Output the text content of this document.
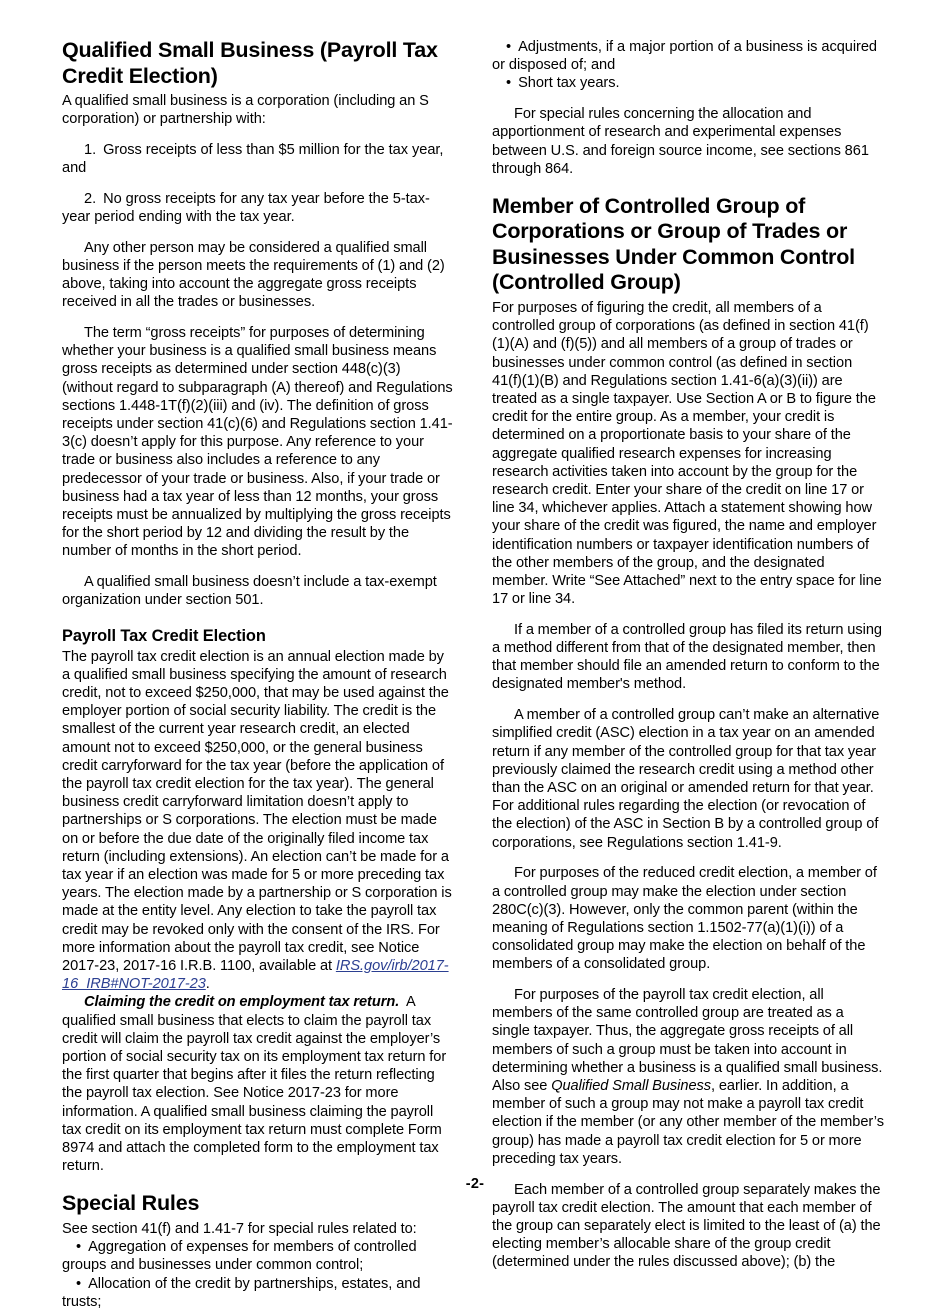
Qualified Small Business (Payroll Tax Credit Election)

A qualified small business is a corporation (including an S corporation) or partnership with:

1. Gross receipts of less than $5 million for the tax year, and

2. No gross receipts for any tax year before the 5-tax-year period ending with the tax year.

Any other person may be considered a qualified small business if the person meets the requirements of (1) and (2) above, taking into account the aggregate gross receipts received in all the trades or businesses.

The term “gross receipts” for purposes of determining whether your business is a qualified small business means gross receipts as determined under section 448(c)(3) (without regard to subparagraph (A) thereof) and Regulations sections 1.448-1T(f)(2)(iii) and (iv). The definition of gross receipts under section 41(c)(6) and Regulations section 1.41-3(c) doesn’t apply for this purpose. Any reference to your trade or business also includes a reference to any predecessor of your trade or business. Also, if your trade or business had a tax year of less than 12 months, your gross receipts must be annualized by multiplying the gross receipts for the short period by 12 and dividing the result by the number of months in the short period.

A qualified small business doesn’t include a tax-exempt organization under section 501.

Payroll Tax Credit Election

The payroll tax credit election is an annual election made by a qualified small business specifying the amount of research credit, not to exceed $250,000, that may be used against the employer portion of social security liability. The credit is the smallest of the current year research credit, an elected amount not to exceed $250,000, or the general business credit carryforward for the tax year (before the application of the payroll tax credit election for the tax year). The general business credit carryforward limitation doesn’t apply to partnerships or S corporations. The election must be made on or before the due date of the originally filed income tax return (including extensions). An election can’t be made for a tax year if an election was made for 5 or more preceding tax years. The election made by a partnership or S corporation is made at the entity level. Any election to take the payroll tax credit may be revoked only with the consent of the IRS. For more information about the payroll tax credit, see Notice 2017-23, 2017-16 I.R.B. 1100, available at IRS.gov/irb/2017-16_IRB#NOT-2017-23.

Claiming the credit on employment tax return. A qualified small business that elects to claim the payroll tax credit will claim the payroll tax credit against the employer’s portion of social security tax on its employment tax return for the first quarter that begins after it files the return reflecting the payroll tax election. See Notice 2017-23 for more information. A qualified small business claiming the payroll tax credit on its employment tax return must complete Form 8974 and attach the completed form to the employment tax return.

Special Rules

See section 41(f) and 1.41-7 for special rules related to:

• Aggregation of expenses for members of controlled groups and businesses under common control;

• Allocation of the credit by partnerships, estates, and trusts;

• Adjustments, if a major portion of a business is acquired or disposed of; and

• Short tax years.

For special rules concerning the allocation and apportionment of research and experimental expenses between U.S. and foreign source income, see sections 861 through 864.

Member of Controlled Group of Corporations or Group of Trades or Businesses Under Common Control (Controlled Group)

For purposes of figuring the credit, all members of a controlled group of corporations (as defined in section 41(f)(1)(A) and (f)(5)) and all members of a group of trades or businesses under common control (as defined in section 41(f)(1)(B) and Regulations section 1.41-6(a)(3)(ii)) are treated as a single taxpayer. Use Section A or B to figure the credit for the entire group. As a member, your credit is determined on a proportionate basis to your share of the aggregate qualified research expenses for increasing research activities taken into account by the group for the research credit. Enter your share of the credit on line 17 or line 34, whichever applies. Attach a statement showing how your share of the credit was figured, the name and employer identification numbers or taxpayer identification numbers of the other members of the group, and the designated member. Write “See Attached” next to the entry space for line 17 or line 34.

If a member of a controlled group has filed its return using a method different from that of the designated member, then that member should file an amended return to conform to the designated member's method.

A member of a controlled group can’t make an alternative simplified credit (ASC) election in a tax year on an amended return if any member of the controlled group for that tax year previously claimed the research credit using a method other than the ASC on an original or amended return for that year. For additional rules regarding the election (or revocation of the election) of the ASC in Section B by a controlled group of corporations, see Regulations section 1.41-9.

For purposes of the reduced credit election, a member of a controlled group may make the election under section 280C(c)(3). However, only the common parent (within the meaning of Regulations section 1.1502-77(a)(1)(i)) of a consolidated group may make the election on behalf of the members of a consolidated group.

For purposes of the payroll tax credit election, all members of the same controlled group are treated as a single taxpayer. Thus, the aggregate gross receipts of all members of such a group must be taken into account in determining whether a business is a qualified small business. Also see Qualified Small Business, earlier. In addition, a member of such a group may not make a payroll tax credit election if the member (or any other member of the member’s group) has made a payroll tax credit election for 5 or more preceding tax years.

Each member of a controlled group separately makes the payroll tax credit election. The amount that each member of the group can separately elect is limited to the least of (a) the electing member’s allocable share of the group credit (determined under the rules discussed above); (b) the

-2-
